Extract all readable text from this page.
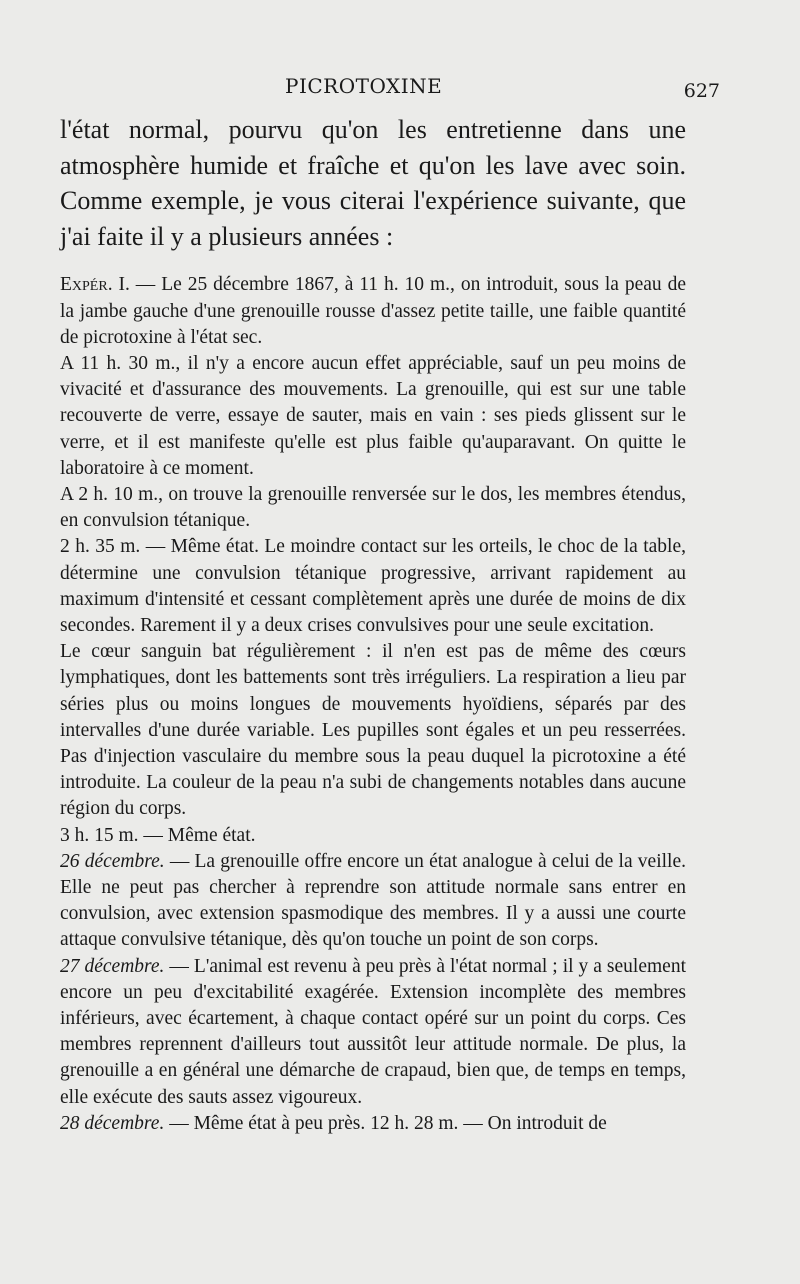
PICROTOXINE	627

l'état normal, pourvu qu'on les entretienne dans une atmosphère humide et fraîche et qu'on les lave avec soin. Comme exemple, je vous citerai l'expérience suivante, que j'ai faite il y a plusieurs années :

Expér. I. — Le 25 décembre 1867, à 11 h. 10 m., on introduit, sous la peau de la jambe gauche d'une grenouille rousse d'assez petite taille, une faible quantité de picrotoxine à l'état sec.

A 11 h. 30 m., il n'y a encore aucun effet appréciable, sauf un peu moins de vivacité et d'assurance des mouvements. La grenouille, qui est sur une table recouverte de verre, essaye de sauter, mais en vain : ses pieds glissent sur le verre, et il est manifeste qu'elle est plus faible qu'auparavant. On quitte le laboratoire à ce moment.

A 2 h. 10 m., on trouve la grenouille renversée sur le dos, les membres étendus, en convulsion tétanique.

2 h. 35 m. — Même état. Le moindre contact sur les orteils, le choc de la table, détermine une convulsion tétanique progressive, arrivant rapidement au maximum d'intensité et cessant complètement après une durée de moins de dix secondes. Rarement il y a deux crises convulsives pour une seule excitation.

Le cœur sanguin bat régulièrement : il n'en est pas de même des cœurs lymphatiques, dont les battements sont très irréguliers. La respiration a lieu par séries plus ou moins longues de mouvements hyoïdiens, séparés par des intervalles d'une durée variable. Les pupilles sont égales et un peu resserrées. Pas d'injection vasculaire du membre sous la peau duquel la picrotoxine a été introduite. La couleur de la peau n'a subi de changements notables dans aucune région du corps.

3 h. 15 m. — Même état.

26 décembre. — La grenouille offre encore un état analogue à celui de la veille. Elle ne peut pas chercher à reprendre son attitude normale sans entrer en convulsion, avec extension spasmodique des membres. Il y a aussi une courte attaque convulsive tétanique, dès qu'on touche un point de son corps.

27 décembre. — L'animal est revenu à peu près à l'état normal ; il y a seulement encore un peu d'excitabilité exagérée. Extension incomplète des membres inférieurs, avec écartement, à chaque contact opéré sur un point du corps. Ces membres reprennent d'ailleurs tout aussitôt leur attitude normale. De plus, la grenouille a en général une démarche de crapaud, bien que, de temps en temps, elle exécute des sauts assez vigoureux.

28 décembre. — Même état à peu près. 12 h. 28 m. — On introduit de
